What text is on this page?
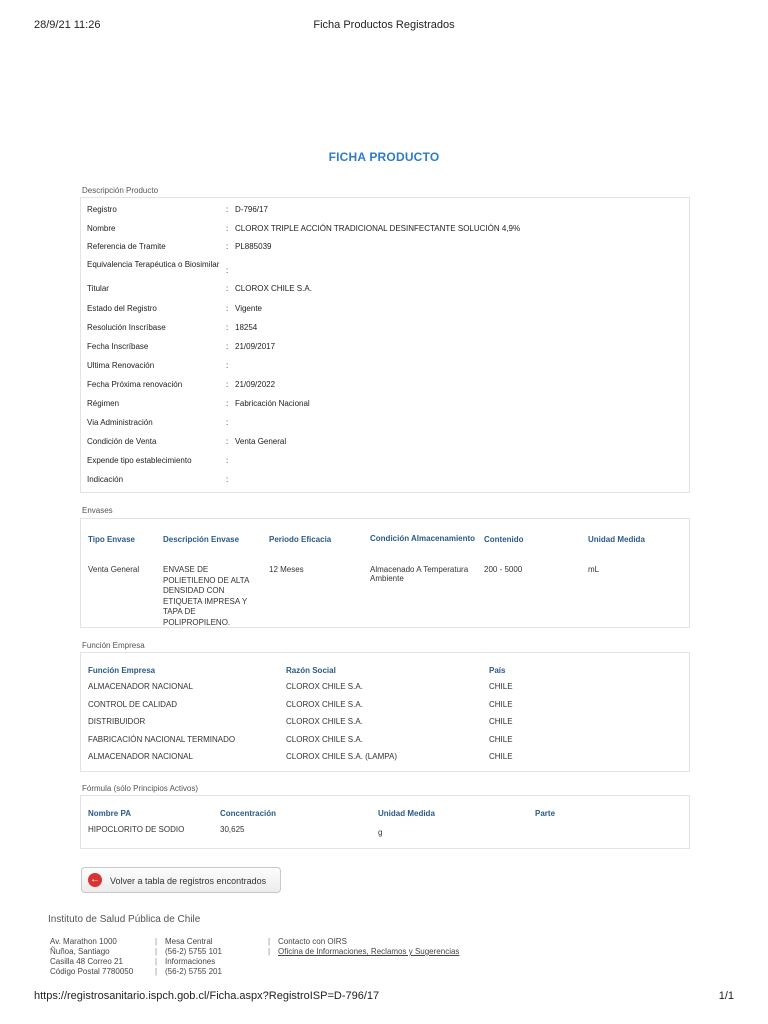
28/9/21 11:26	Ficha Productos Registrados
FICHA PRODUCTO
Descripción Producto
Registro	: D-796/17
Nombre	: CLOROX TRIPLE ACCIÓN TRADICIONAL DESINFECTANTE SOLUCIÓN 4,9%
Referencia de Tramite	: PL885039
Equivalencia Terapéutica o Biosimilar
:
Titular	: CLOROX CHILE S.A.
Estado del Registro	: Vigente
Resolución Inscríbase	: 18254
Fecha Inscríbase	: 21/09/2017
Ultima Renovación	:
Fecha Próxima renovación	: 21/09/2022
Régimen	: Fabricación Nacional
Via Administración	:
Condición de Venta	: Venta General
Expende tipo establecimiento	:
Indicación	:
Envases
Tipo Envase	Descripción Envase	Periodo Eficacia	Condición Almacenamiento	Contenido	Unidad Medida
Venta General	ENVASE DE POLIETILENO DE ALTA DENSIDAD CON ETIQUETA IMPRESA Y TAPA DE POLIPROPILENO.	12 Meses	Almacenado A Temperatura Ambiente	200 - 5000	mL
Función Empresa
Función Empresa	Razón Social	País
ALMACENADOR NACIONAL	CLOROX CHILE S.A.	CHILE
CONTROL DE CALIDAD	CLOROX CHILE S.A.	CHILE
DISTRIBUIDOR	CLOROX CHILE S.A.	CHILE
FABRICACIÓN NACIONAL TERMINADO	CLOROX CHILE S.A.	CHILE
ALMACENADOR NACIONAL	CLOROX CHILE S.A. (LAMPA)	CHILE
Fórmula (sólo Principios Activos)
Nombre PA	Concentración	Unidad Medida	Parte
HIPOCLORITO DE SODIO	30,625	g	
← Volver a tabla de registros encontrados
Instituto de Salud Pública de Chile
Av. Marathon 1000
Ñuñoa, Santiago
Casilla 48 Correo 21
Código Postal 7780050
|
|
|
|
Mesa Central
(56-2) 5755 101
Informaciones
(56-2) 5755 201
|
|
Contacto con OIRS
Oficina de Informaciones, Reclamos y Sugerencias
https://registrosanitario.ispch.gob.cl/Ficha.aspx?RegistroISP=D-796/17	1/1
